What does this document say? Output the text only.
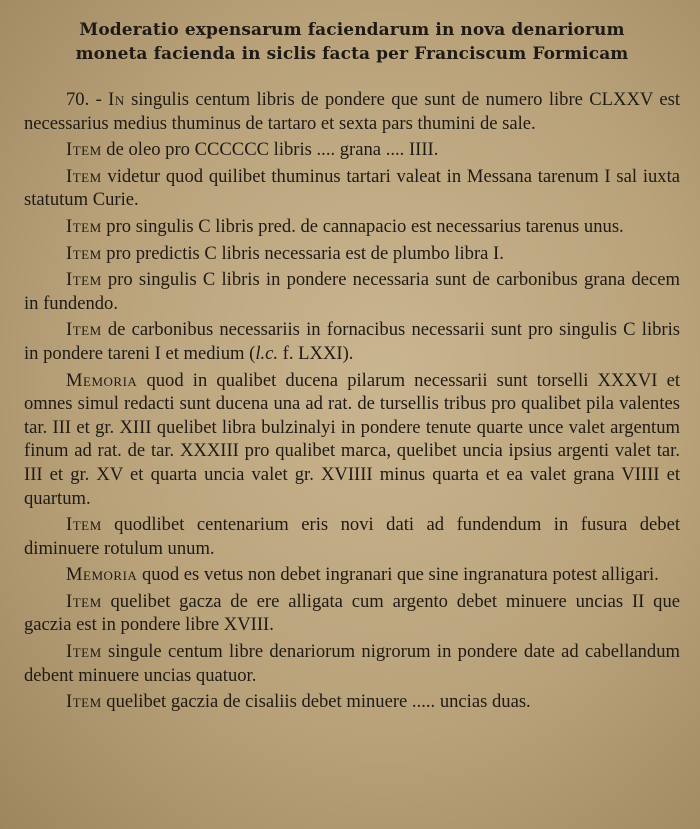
Moderatio expensarum faciendarum in nova denariorum
moneta facienda in siclis facta per Franciscum Formicam

70. - In singulis centum libris de pondere que sunt de numero libre CLXXV est necessarius medius thuminus de tartaro et sexta pars thumini de sale.

Item de oleo pro CCCCCC libris .... grana .... IIII.

Item videtur quod quilibet thuminus tartari valeat in Messana tarenum I sal iuxta statutum Curie.

Item pro singulis C libris pred. de cannapacio est necessarius tarenus unus.

Item pro predictis C libris necessaria est de plumbo libra I.

Item pro singulis C libris in pondere necessaria sunt de carbonibus grana decem in fundendo.

Item de carbonibus necessariis in fornacibus necessarii sunt pro singulis C libris in pondere tareni I et medium (l.c. f. LXXI).

Memoria quod in qualibet ducena pilarum necessarii sunt torselli XXXVI et omnes simul redacti sunt ducena una ad rat. de tursellis tribus pro qualibet pila valentes tar. III et gr. XIII quelibet libra bulzinalyi in pondere tenute quarte unce valet argentum finum ad rat. de tar. XXXIII pro qualibet marca, quelibet uncia ipsius argenti valet tar. III et gr. XV et quarta uncia valet gr. XVIIII minus quarta et ea valet grana VIIII et quartum.

Item quodlibet centenarium eris novi dati ad fundendum in fusura debet diminuere rotulum unum.

Memoria quod es vetus non debet ingranari que sine ingranatura potest alligari.

Item quelibet gacza de ere alligata cum argento debet minuere uncias II que gaczia est in pondere libre XVIII.

Item singule centum libre denariorum nigrorum in pondere date ad cabellandum debent minuere uncias quatuor.

Item quelibet gaczia de cisaliis debet minuere ..... uncias duas.
